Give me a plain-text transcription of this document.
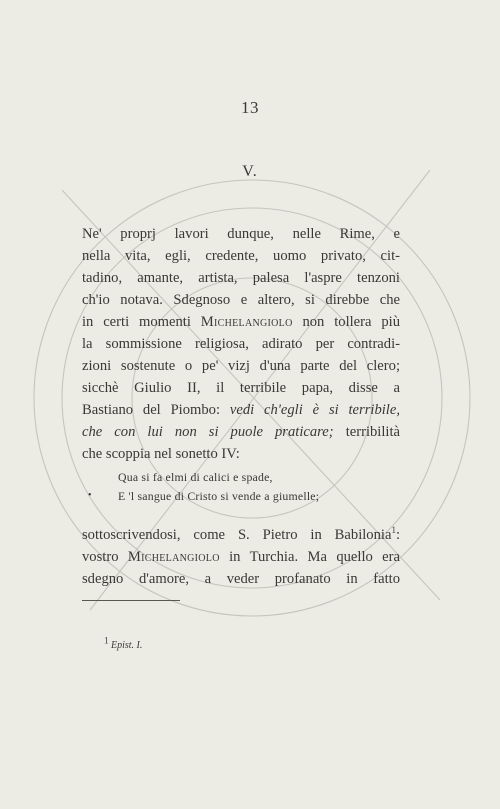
13
V.
Ne' proprj lavori dunque, nelle Rime, e
nella vita, egli, credente, uomo privato, cit-
tadino, amante, artista, palesa l'aspre tenzoni
ch'io notava. Sdegnoso e altero, si direbbe che
in certi momenti Michelangiolo non tollera più
la sommissione religiosa, adirato per contradi-
zioni sostenute o pe' vizj d'una parte del clero;
sicchè Giulio II, il terribile papa, disse a
Bastiano del Piombo: vedi ch'egli è si terribile,
che con lui non si puole praticare; terribilità
che scoppia nel sonetto IV:
Qua si fa elmi di calici e spade,
• E 'l sangue di Cristo si vende a giumelle;
sottoscrivendosi, come S. Pietro in Babilonia$^1$:
vostro Michelangiolo in Turchia. Ma quello era
sdegno d'amore, a veder profanato in fatto
$^1$ Epist. I.
